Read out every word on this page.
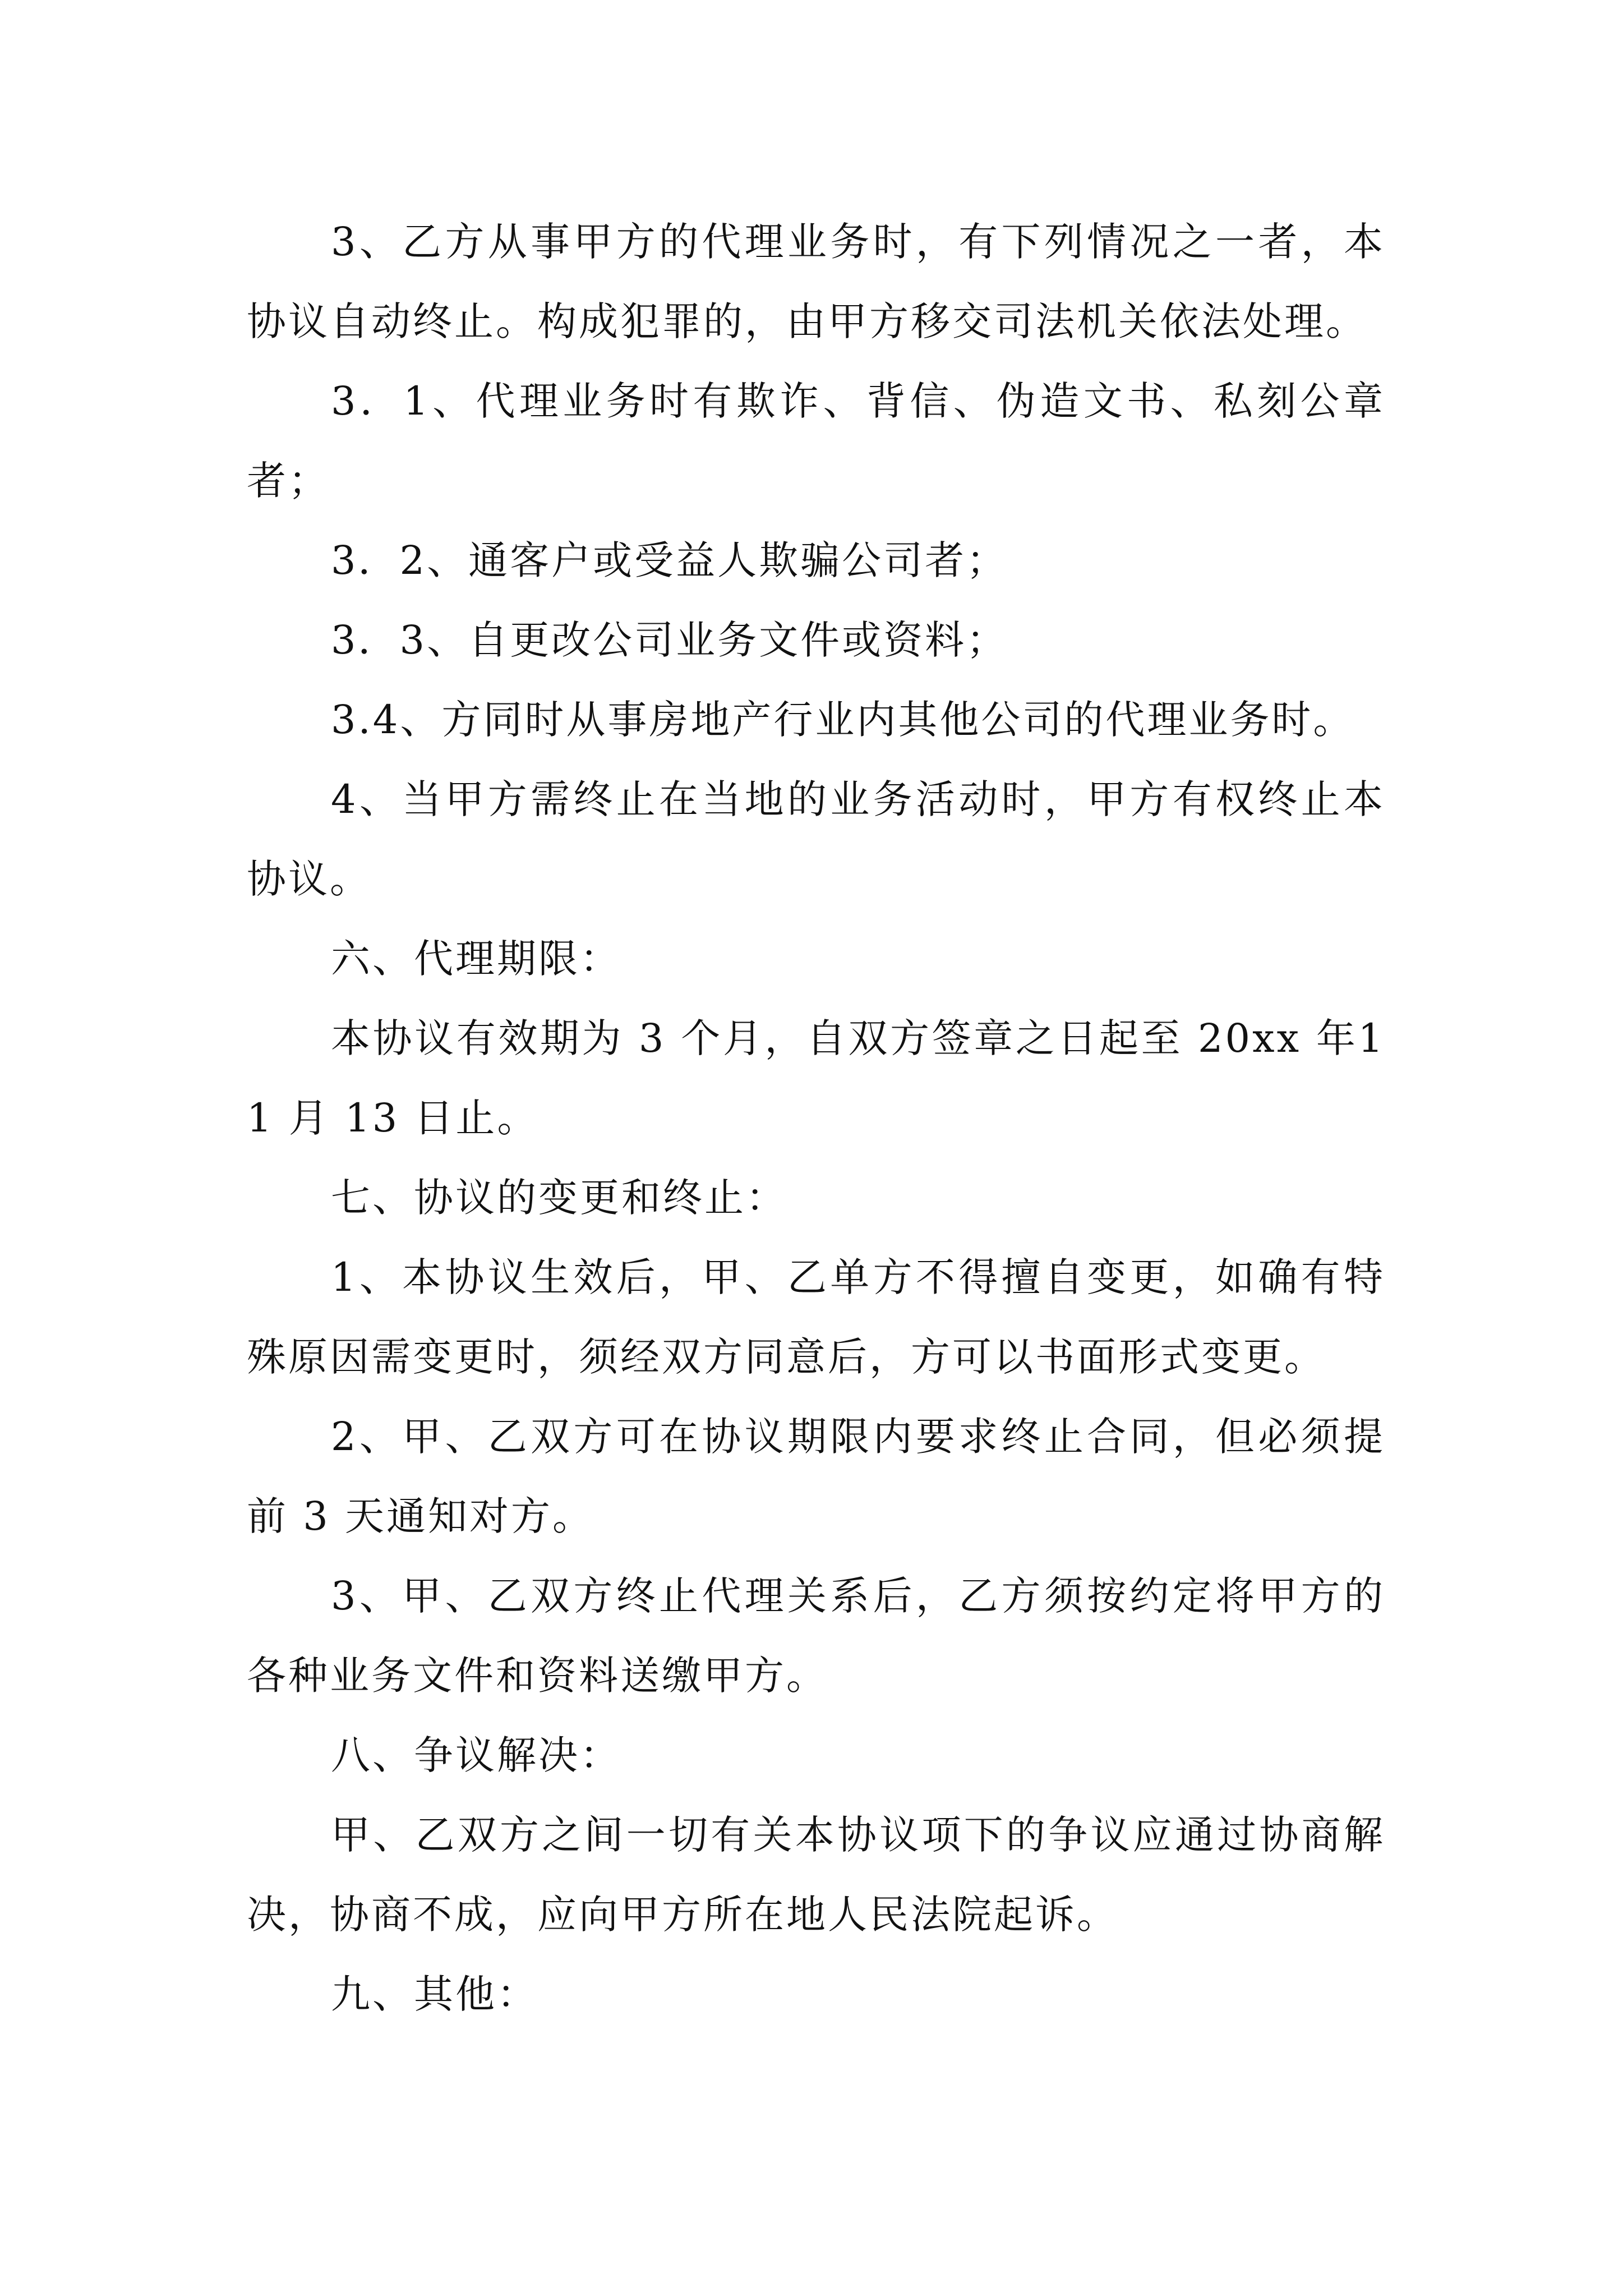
3、乙方从事甲方的代理业务时，有下列情况之一者，本协议自动终止。构成犯罪的，由甲方移交司法机关依法处理。

3．1、代理业务时有欺诈、背信、伪造文书、私刻公章者；

3．2、通客户或受益人欺骗公司者；

3．3、自更改公司业务文件或资料；

3.4、方同时从事房地产行业内其他公司的代理业务时。

4、当甲方需终止在当地的业务活动时，甲方有权终止本协议。

六、代理期限：

本协议有效期为 3 个月，自双方签章之日起至 20xx 年11 月 13 日止。

七、协议的变更和终止：

1、本协议生效后，甲、乙单方不得擅自变更，如确有特殊原因需变更时，须经双方同意后，方可以书面形式变更。

2、甲、乙双方可在协议期限内要求终止合同，但必须提前 3 天通知对方。

3、甲、乙双方终止代理关系后，乙方须按约定将甲方的各种业务文件和资料送缴甲方。

八、争议解决：

甲、乙双方之间一切有关本协议项下的争议应通过协商解决，协商不成，应向甲方所在地人民法院起诉。

九、其他：
